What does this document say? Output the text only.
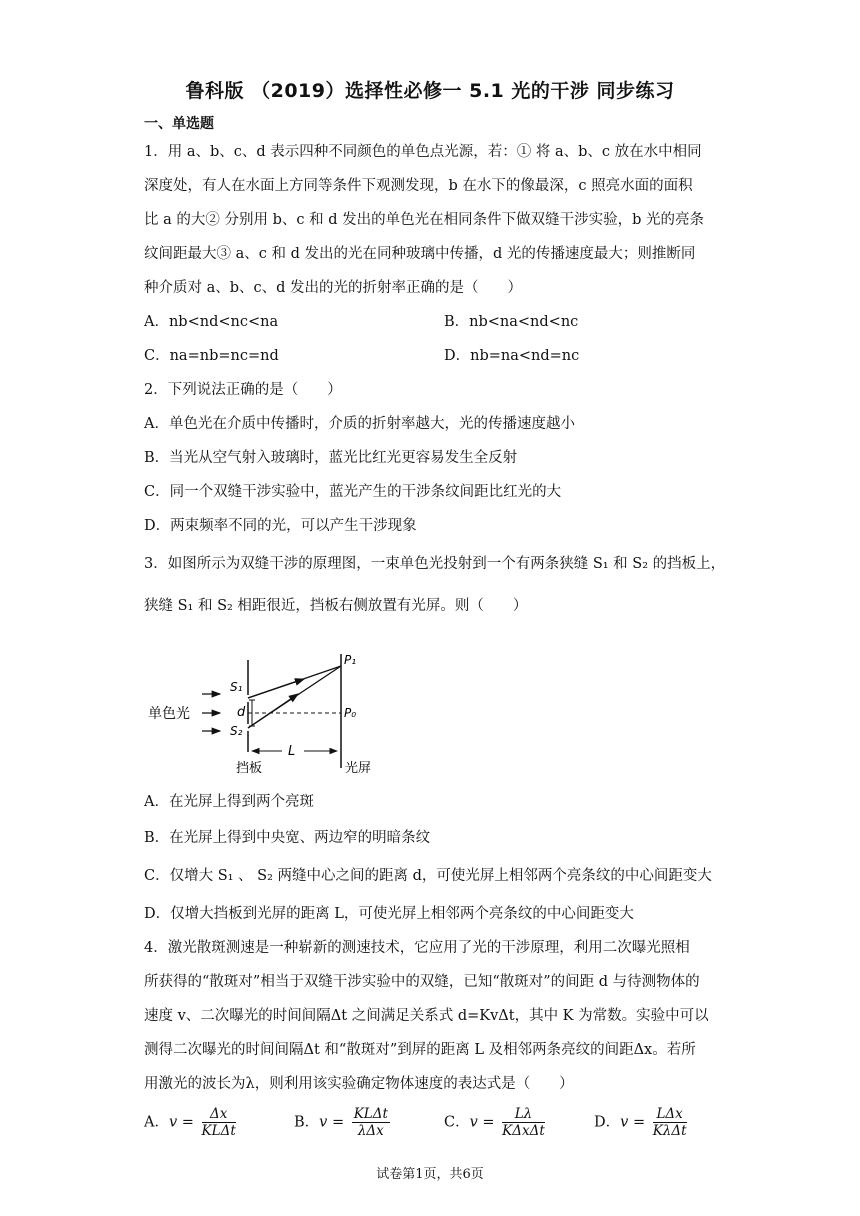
鲁科版 （2019）选择性必修一 5.1 光的干涉 同步练习
一、单选题
1．用 a、b、c、d 表示四种不同颜色的单色点光源，若：① 将 a、b、c 放在水中相同
深度处，有人在水面上方同等条件下观测发现，b 在水下的像最深，c 照亮水面的面积
比 a 的大② 分别用 b、c 和 d 发出的单色光在相同条件下做双缝干涉实验，b 光的亮条
纹间距最大③ a、c 和 d 发出的光在同种玻璃中传播，d 光的传播速度最大；则推断同
种介质对 a、b、c、d 发出的光的折射率正确的是（　　）
A．nb<nd<nc<na	B．nb<na<nd<nc
C．na=nb=nc=nd	D．nb=na<nd=nc
2．下列说法正确的是（　　）
A．单色光在介质中传播时，介质的折射率越大，光的传播速度越小
B．当光从空气射入玻璃时，蓝光比红光更容易发生全反射
C．同一个双缝干涉实验中，蓝光产生的干涉条纹间距比红光的大
D．两束频率不同的光，可以产生干涉现象
3．如图所示为双缝干涉的原理图，一束单色光投射到一个有两条狭缝 S₁ 和 S₂ 的挡板上，
狭缝 S₁ 和 S₂ 相距很近，挡板右侧放置有光屏。则（　　）
单色光
S₁
S₂
d
P₁
P₀
L
挡板	光屏
A．在光屏上得到两个亮斑
B．在光屏上得到中央宽、两边窄的明暗条纹
C．仅增大 S₁ 、 S₂ 两缝中心之间的距离 d，可使光屏上相邻两个亮条纹的中心间距变大
D．仅增大挡板到光屏的距离 L，可使光屏上相邻两个亮条纹的中心间距变大
4．激光散斑测速是一种崭新的测速技术，它应用了光的干涉原理，利用二次曝光照相
所获得的“散斑对”相当于双缝干涉实验中的双缝，已知“散斑对”的间距 d 与待测物体的
速度 v、二次曝光的时间间隔Δt 之间满足关系式 d=KvΔt，其中 K 为常数。实验中可以
测得二次曝光的时间间隔Δt 和“散斑对”到屏的距离 L 及相邻两条亮纹的间距Δx。若所
用激光的波长为λ，则利用该实验确定物体速度的表达式是（　　）
A．$v = \frac{\Delta x}{\text{KLΔt}}$	B．$v = \frac{\text{KLΔt}}{\text{λΔx}}$	C．$v = \frac{L\lambda}{\text{KΔxΔt}}$	D．$v = \frac{\text{LΔx}}{\text{KλΔt}}$
试卷第1页，共6页
